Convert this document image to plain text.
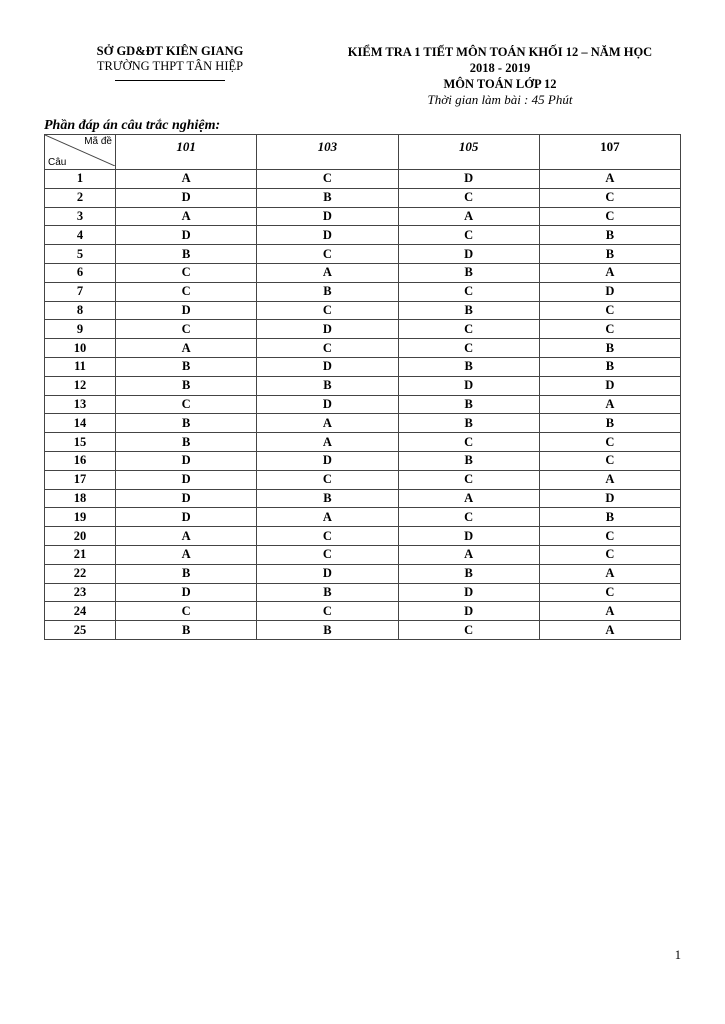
SỞ GD&ĐT KIÊN GIANG
TRƯỜNG THPT TÂN HIỆP
KIỂM TRA 1 TIẾT MÔN TOÁN KHỐI 12 – NĂM HỌC
2018 - 2019
MÔN TOÁN LỚP 12
Thời gian làm bài : 45 Phút
Phần đáp án câu trắc nghiệm:
Mã đề
Câu	101	103	105	107
1	A	C	D	A
2	D	B	C	C
3	A	D	A	C
4	D	D	C	B
5	B	C	D	B
6	C	A	B	A
7	C	B	C	D
8	D	C	B	C
9	C	D	C	C
10	A	C	C	B
11	B	D	B	B
12	B	B	D	D
13	C	D	B	A
14	B	A	B	B
15	B	A	C	C
16	D	D	B	C
17	D	C	C	A
18	D	B	A	D
19	D	A	C	B
20	A	C	D	C
21	A	C	A	C
22	B	D	B	A
23	D	B	D	C
24	C	C	D	A
25	B	B	C	A
1
